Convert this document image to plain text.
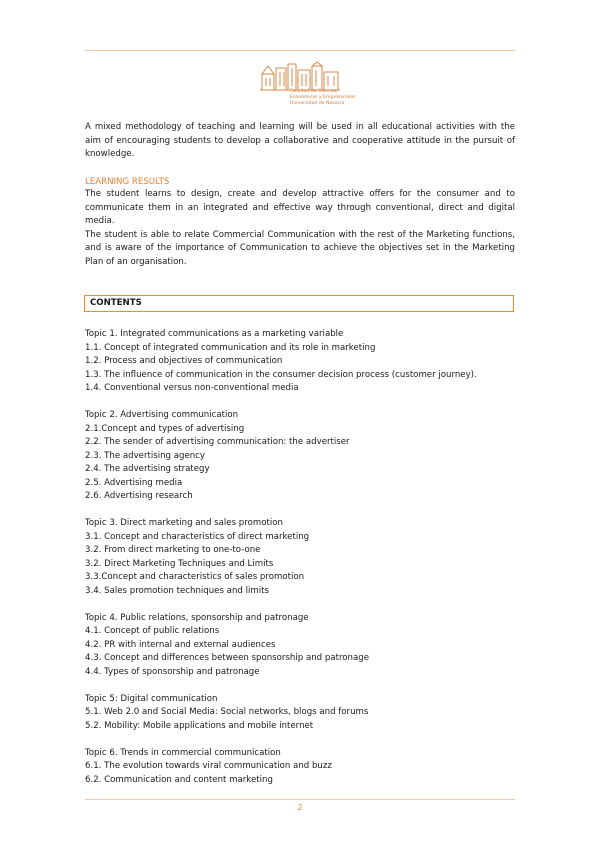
Facultad de Ciencias
Económicas y Empresariales
Universidad de Navarra
A mixed methodology of teaching and learning will be used in all educational activities with the aim of encouraging students to develop a collaborative and cooperative attitude in the pursuit of knowledge.
LEARNING RESULTS

The student learns to design, create and develop attractive offers for the consumer and to communicate them in an integrated and effective way through conventional, direct and digital media.

The student is able to relate Commercial Communication with the rest of the Marketing functions, and is aware of the importance of Communication to achieve the objectives set in the Marketing Plan of an organisation.

CONTENTS
Topic 1. Integrated communications as a marketing variable
1.1. Concept of integrated communication and its role in marketing
1.2. Process and objectives of communication
1.3. The influence of communication in the consumer decision process (customer journey).
1.4. Conventional versus non-conventional media
Topic 2. Advertising communication
2.1.Concept and types of advertising
2.2. The sender of advertising communication: the advertiser
2.3. The advertising agency
2.4. The advertising strategy
2.5. Advertising media
2.6. Advertising research
Topic 3. Direct marketing and sales promotion
3.1. Concept and characteristics of direct marketing
3.2. From direct marketing to one-to-one
3.2. Direct Marketing Techniques and Limits
3.3.Concept and characteristics of sales promotion
3.4. Sales promotion techniques and limits
Topic 4. Public relations, sponsorship and patronage
4.1. Concept of public relations
4.2. PR with internal and external audiences
4.3. Concept and differences between sponsorship and patronage
4.4. Types of sponsorship and patronage
Topic 5: Digital communication
5.1. Web 2.0 and Social Media: Social networks, blogs and forums
5.2. Mobility: Mobile applications and mobile internet
Topic 6. Trends in commercial communication
6.1. The evolution towards viral communication and buzz
6.2. Communication and content marketing
2
